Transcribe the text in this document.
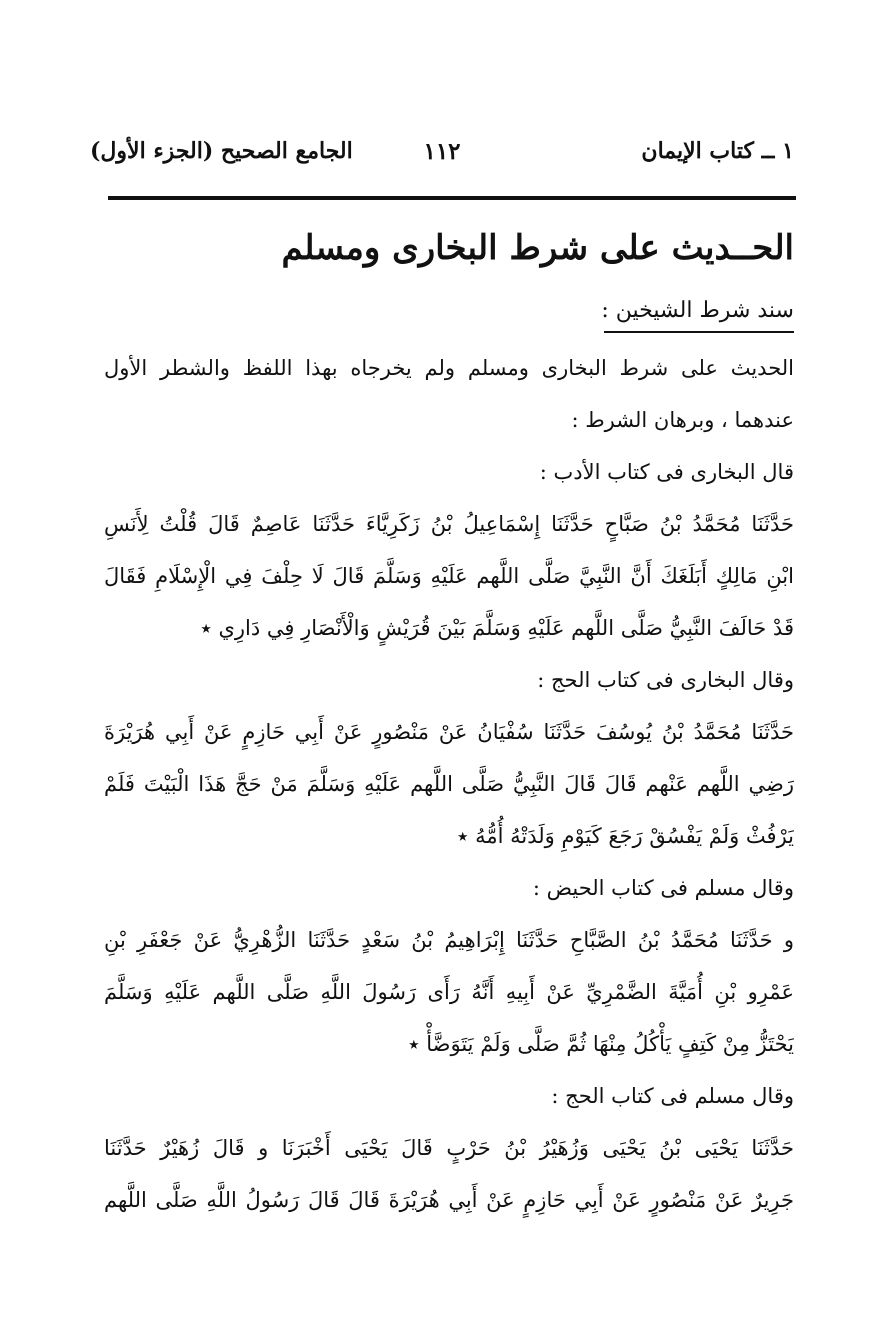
١ ــ كتاب الإيمان
١١٢
الجامع الصحيح (الجزء الأول)
الحــديث على شرط البخارى ومسلم
سند شرط الشيخين :
الحديث على شرط البخارى ومسلم ولم يخرجاه بهذا اللفظ والشطر الأول
عندهما ، وبرهان الشرط :
قال البخارى فى كتاب الأدب :
حَدَّثَنَا مُحَمَّدُ بْنُ صَبَّاحٍ حَدَّثَنَا إِسْمَاعِيلُ بْنُ زَكَرِيَّاءَ حَدَّثَنَا عَاصِمٌ قَالَ قُلْتُ لِأَنَسِ
ابْنِ مَالِكٍ أَبَلَغَكَ أَنَّ النَّبِيَّ صَلَّى اللَّهم عَلَيْهِ وَسَلَّمَ قَالَ لَا حِلْفَ فِي الْإِسْلَامِ فَقَالَ
قَدْ حَالَفَ النَّبِيُّ صَلَّى اللَّهم عَلَيْهِ وَسَلَّمَ بَيْنَ قُرَيْشٍ وَالْأَنْصَارِ فِي دَارِي ٭
وقال البخارى فى كتاب الحج :
حَدَّثَنَا مُحَمَّدُ بْنُ يُوسُفَ حَدَّثَنَا سُفْيَانُ عَنْ مَنْصُورٍ عَنْ أَبِي حَازِمٍ عَنْ أَبِي هُرَيْرَةَ
رَضِي اللَّهم عَنْهم قَالَ قَالَ النَّبِيُّ صَلَّى اللَّهم عَلَيْهِ وَسَلَّمَ مَنْ حَجَّ هَذَا الْبَيْتَ فَلَمْ
يَرْفُثْ وَلَمْ يَفْسُقْ رَجَعَ كَيَوْمِ وَلَدَتْهُ أُمُّهُ ٭
وقال مسلم فى كتاب الحيض :
و حَدَّثَنَا مُحَمَّدُ بْنُ الصَّبَّاحِ حَدَّثَنَا إِبْرَاهِيمُ بْنُ سَعْدٍ حَدَّثَنَا الزُّهْرِيُّ عَنْ جَعْفَرِ بْنِ
عَمْرِو بْنِ أُمَيَّةَ الضَّمْرِيِّ عَنْ أَبِيهِ أَنَّهُ رَأَى رَسُولَ اللَّهِ صَلَّى اللَّهم عَلَيْهِ وَسَلَّمَ
يَحْتَزُّ مِنْ كَتِفٍ يَأْكُلُ مِنْهَا ثُمَّ صَلَّى وَلَمْ يَتَوَضَّأْ ٭
وقال مسلم فى كتاب الحج :
حَدَّثَنَا يَحْيَى بْنُ يَحْيَى وَزُهَيْرُ بْنُ حَرْبٍ قَالَ يَحْيَى أَخْبَرَنَا و قَالَ زُهَيْرٌ حَدَّثَنَا
جَرِيرٌ عَنْ مَنْصُورٍ عَنْ أَبِي حَازِمٍ عَنْ أَبِي هُرَيْرَةَ قَالَ قَالَ رَسُولُ اللَّهِ صَلَّى اللَّهم
